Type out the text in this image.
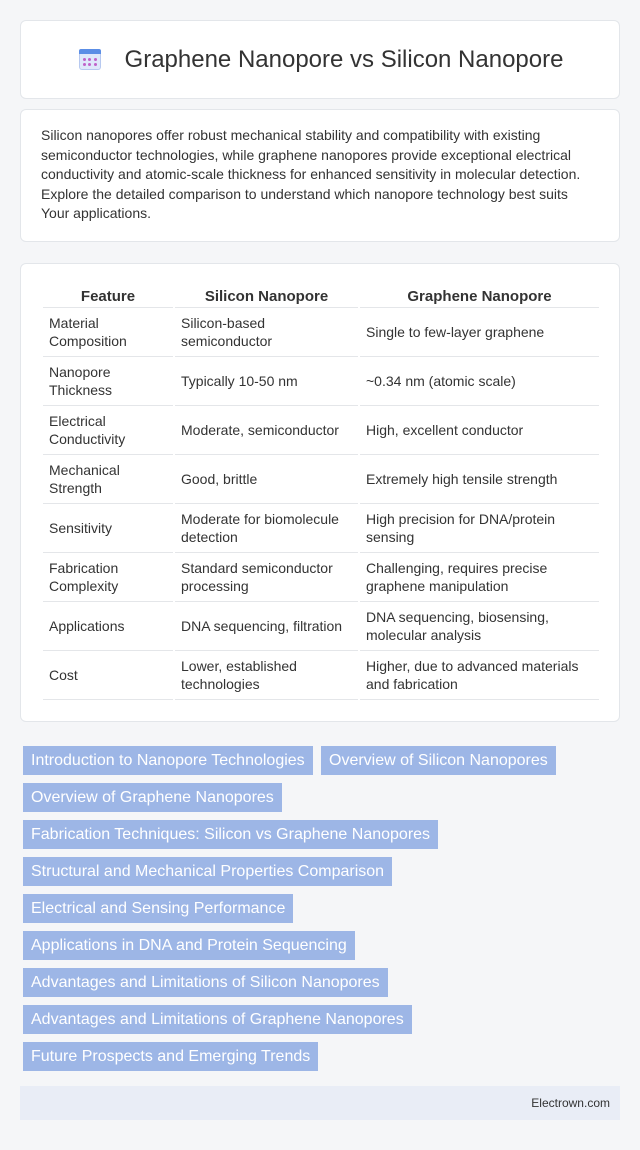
Graphene Nanopore vs Silicon Nanopore

Silicon nanopores offer robust mechanical stability and compatibility with existing semiconductor technologies, while graphene nanopores provide exceptional electrical conductivity and atomic-scale thickness for enhanced sensitivity in molecular detection. Explore the detailed comparison to understand which nanopore technology best suits Your applications.

Feature	Silicon Nanopore	Graphene Nanopore
Material Composition	Silicon-based semiconductor	Single to few-layer graphene
Nanopore Thickness	Typically 10-50 nm	~0.34 nm (atomic scale)
Electrical Conductivity	Moderate, semiconductor	High, excellent conductor
Mechanical Strength	Good, brittle	Extremely high tensile strength
Sensitivity	Moderate for biomolecule detection	High precision for DNA/protein sensing
Fabrication Complexity	Standard semiconductor processing	Challenging, requires precise graphene manipulation
Applications	DNA sequencing, filtration	DNA sequencing, biosensing, molecular analysis
Cost	Lower, established technologies	Higher, due to advanced materials and fabrication
Introduction to Nanopore Technologies	Overview of Silicon Nanopores
Overview of Graphene Nanopores
Fabrication Techniques: Silicon vs Graphene Nanopores
Structural and Mechanical Properties Comparison
Electrical and Sensing Performance
Applications in DNA and Protein Sequencing
Advantages and Limitations of Silicon Nanopores
Advantages and Limitations of Graphene Nanopores
Future Prospects and Emerging Trends
Electrown.com
